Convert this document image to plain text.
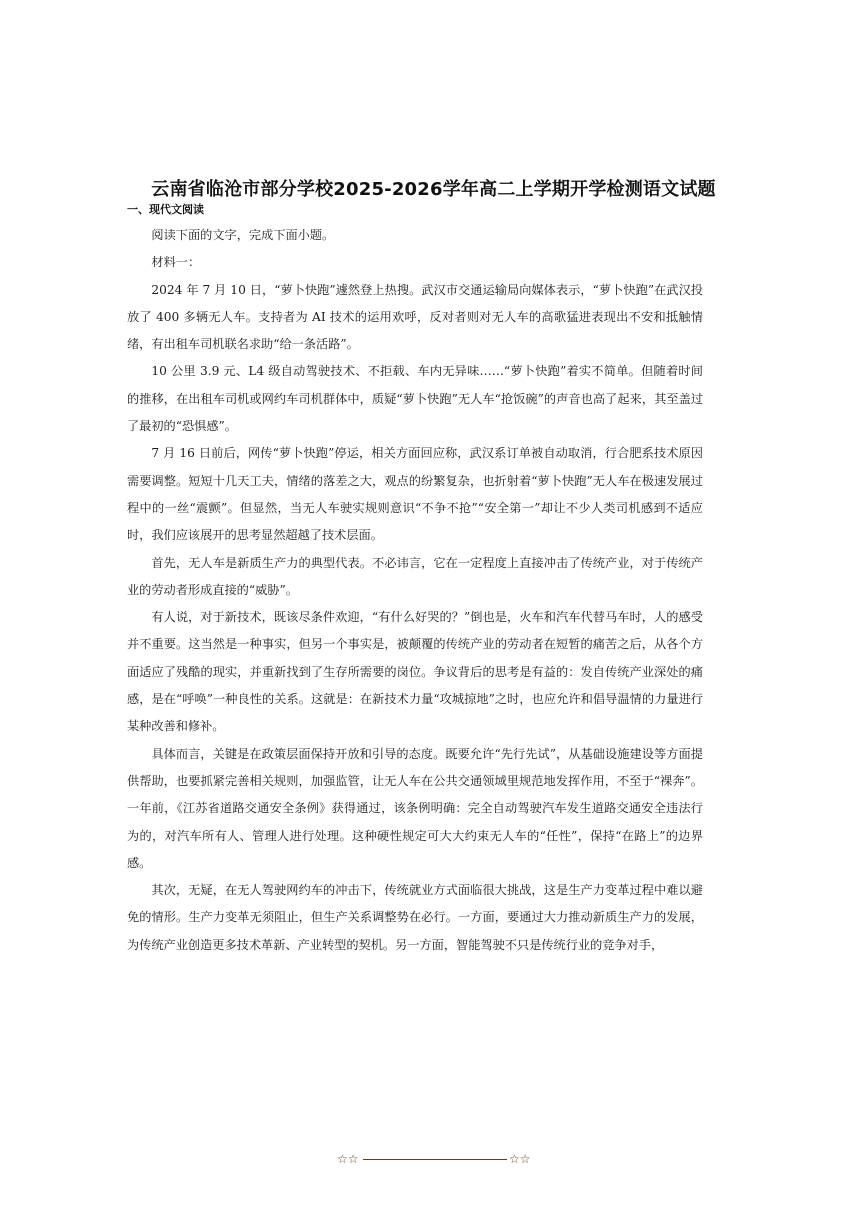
云南省临沧市部分学校2025-2026学年高二上学期开学检测语文试题
一、现代文阅读

阅读下面的文字，完成下面小题。

材料一：

2024 年 7 月 10 日，“萝卜快跑”遽然登上热搜。武汉市交通运输局向媒体表示，“萝卜快跑”在武汉投放了 400 多辆无人车。支持者为 AI 技术的运用欢呼，反对者则对无人车的高歌猛进表现出不安和抵触情绪，有出租车司机联名求助“给一条活路”。

10 公里 3.9 元、L4 级自动驾驶技术、不拒载、车内无异味……“萝卜快跑”着实不简单。但随着时间的推移，在出租车司机或网约车司机群体中，质疑“萝卜快跑”无人车“抢饭碗”的声音也高了起来，其至盖过了最初的“恐惧感”。

7 月 16 日前后，网传“萝卜快跑”停运，相关方面回应称，武汉系订单被自动取消，行合肥系技术原因需要调整。短短十几天工夫，情绪的落差之大，观点的纷繁复杂，也折射着“萝卜快跑”无人车在极速发展过程中的一丝“震颤”。但显然，当无人车驶实规则意识“不争不抢”“安全第一”却让不少人类司机感到不适应时，我们应该展开的思考显然超越了技术层面。

首先，无人车是新质生产力的典型代表。不必讳言，它在一定程度上直接冲击了传统产业，对于传统产业的劳动者形成直接的“威胁”。

有人说，对于新技术，既该尽条件欢迎，“有什么好哭的？”倒也是，火车和汽车代替马车时，人的感受并不重要。这当然是一种事实，但另一个事实是，被颠覆的传统产业的劳动者在短暂的痛苦之后，从各个方面适应了残酷的现实，并重新找到了生存所需要的岗位。争议背后的思考是有益的：发自传统产业深处的痛感，是在“呼唤”一种良性的关系。这就是：在新技术力量“攻城掠地”之时，也应允许和倡导温情的力量进行某种改善和修补。

具体而言，关键是在政策层面保持开放和引导的态度。既要允许“先行先试”，从基础设施建设等方面提供帮助，也要抓紧完善相关规则，加强监管，让无人车在公共交通领域里规范地发挥作用，不至于“裸奔”。一年前，《江苏省道路交通安全条例》获得通过，该条例明确：完全自动驾驶汽车发生道路交通安全违法行为的，对汽车所有人、管理人进行处理。这种硬性规定可大大约束无人车的“任性”，保持“在路上”的边界感。

其次，无疑，在无人驾驶网约车的冲击下，传统就业方式面临很大挑战，这是生产力变革过程中难以避免的情形。生产力变革无须阻止，但生产关系调整势在必行。一方面，要通过大力推动新质生产力的发展，为传统产业创造更多技术革新、产业转型的契机。另一方面，智能驾驶不只是传统行业的竞争对手，

☆☆	☆☆
